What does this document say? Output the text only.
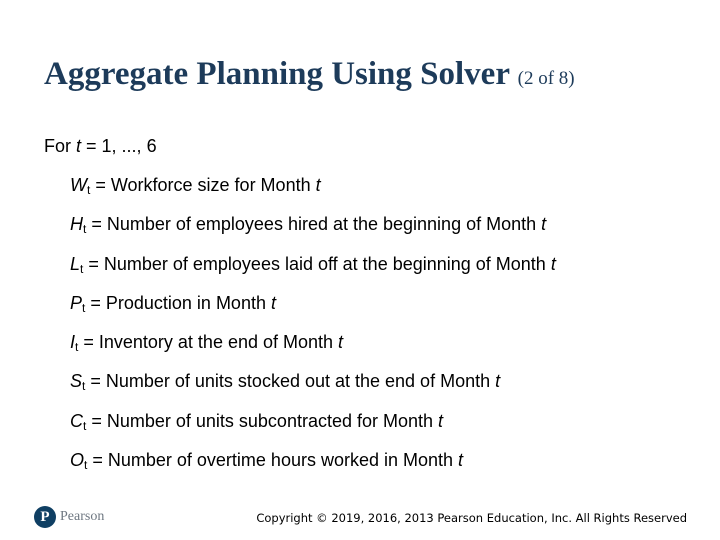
Aggregate Planning Using Solver (2 of 8)
For t = 1, ..., 6
Wt = Workforce size for Month t
Ht = Number of employees hired at the beginning of Month t
Lt = Number of employees laid off at the beginning of Month t
Pt = Production in Month t
It = Inventory at the end of Month t
St = Number of units stocked out at the end of Month t
Ct = Number of units subcontracted for Month t
Ot = Number of overtime hours worked in Month t
P Pearson	Copyright © 2019, 2016, 2013 Pearson Education, Inc. All Rights Reserved
